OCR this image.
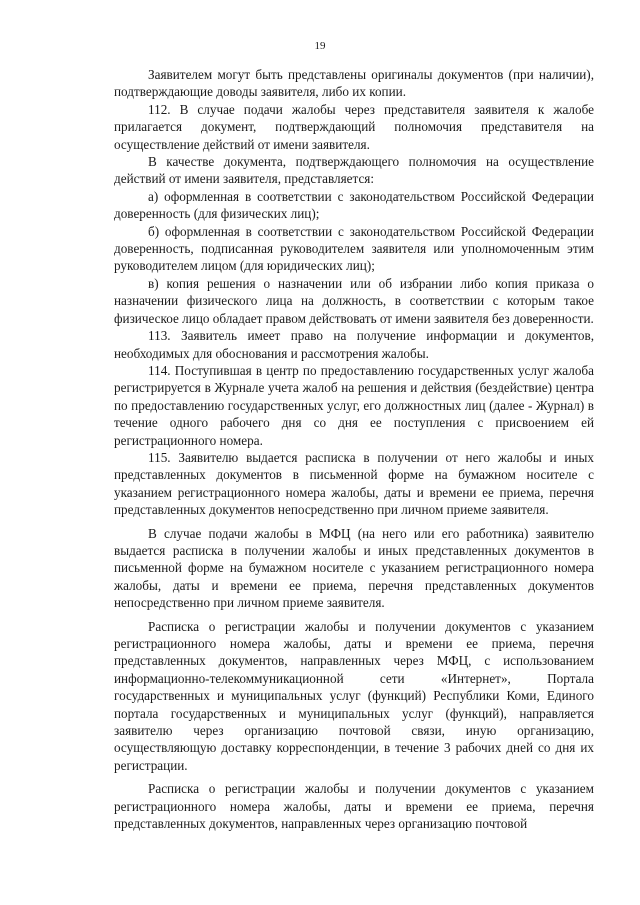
19

Заявителем могут быть представлены оригиналы документов (при наличии), подтверждающие доводы заявителя, либо их копии.

112. В случае подачи жалобы через представителя заявителя к жалобе прилагается документ, подтверждающий полномочия представителя на осуществление действий от имени заявителя.

В качестве документа, подтверждающего полномочия на осуществление действий от имени заявителя, представляется:

а) оформленная в соответствии с законодательством Российской Федерации доверенность (для физических лиц);

б) оформленная в соответствии с законодательством Российской Федерации доверенность, подписанная руководителем заявителя или уполномоченным этим руководителем лицом (для юридических лиц);

в) копия решения о назначении или об избрании либо копия приказа о назначении физического лица на должность, в соответствии с которым такое физическое лицо обладает правом действовать от имени заявителя без доверенности.

113. Заявитель имеет право на получение информации и документов, необходимых для обоснования и рассмотрения жалобы.

114. Поступившая в центр по предоставлению государственных услуг жалоба регистрируется в Журнале учета жалоб на решения и действия (бездействие) центра по предоставлению государственных услуг, его должностных лиц (далее - Журнал) в течение одного рабочего дня со дня ее поступления с присвоением ей регистрационного номера.

115. Заявителю выдается расписка в получении от него жалобы и иных представленных документов в письменной форме на бумажном носителе с указанием регистрационного номера жалобы, даты и времени ее приема, перечня представленных документов непосредственно при личном приеме заявителя.

В случае подачи жалобы в МФЦ (на него или его работника) заявителю выдается расписка в получении жалобы и иных представленных документов в письменной форме на бумажном носителе с указанием регистрационного номера жалобы, даты и времени ее приема, перечня представленных документов непосредственно при личном приеме заявителя.

Расписка о регистрации жалобы и получении документов с указанием регистрационного номера жалобы, даты и времени ее приема, перечня представленных документов, направленных через МФЦ, с использованием информационно-телекоммуникационной сети «Интернет», Портала государственных и муниципальных услуг (функций) Республики Коми, Единого портала государственных и муниципальных услуг (функций), направляется заявителю через организацию почтовой связи, иную организацию, осуществляющую доставку корреспонденции, в течение 3 рабочих дней со дня их регистрации.

Расписка о регистрации жалобы и получении документов с указанием регистрационного номера жалобы, даты и времени ее приема, перечня представленных документов, направленных через организацию почтовой
